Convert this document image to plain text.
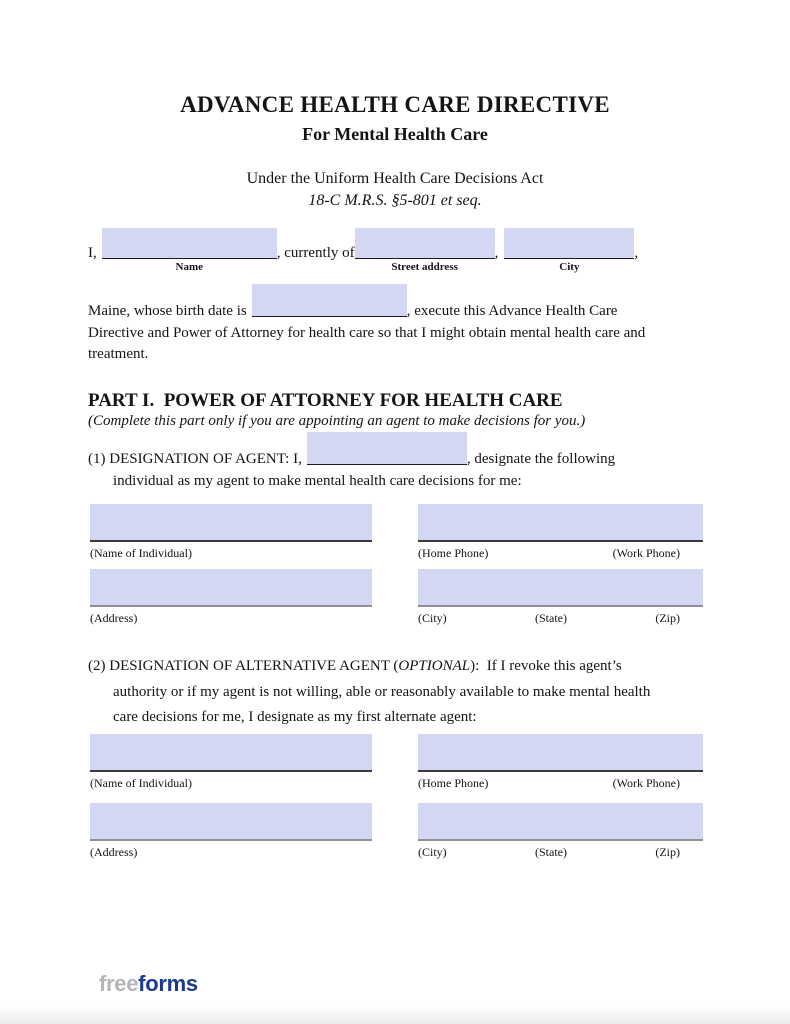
ADVANCE HEALTH CARE DIRECTIVE
For Mental Health Care
Under the Uniform Health Care Decisions Act
18-C M.R.S. §5-801 et seq.
I,
Name
, currently of
Street address
,
City
,
Maine, whose birth date is	, execute this Advance Health Care
Directive and Power of Attorney for health care so that I might obtain mental health care and
treatment.
PART I.  POWER OF ATTORNEY FOR HEALTH CARE
(Complete this part only if you are appointing an agent to make decisions for you.)
(1) DESIGNATION OF AGENT: I,	, designate the following
individual as my agent to make mental health care decisions for me:
(Name of Individual)	(Home Phone)	(Work Phone)
(Address)	(City)	(State)	(Zip)
(2) DESIGNATION OF ALTERNATIVE AGENT (OPTIONAL):  If I revoke this agent’s
authority or if my agent is not willing, able or reasonably available to make mental health
care decisions for me, I designate as my first alternate agent:
(Name of Individual)	(Home Phone)	(Work Phone)
(Address)	(City)	(State)	(Zip)
freeforms
